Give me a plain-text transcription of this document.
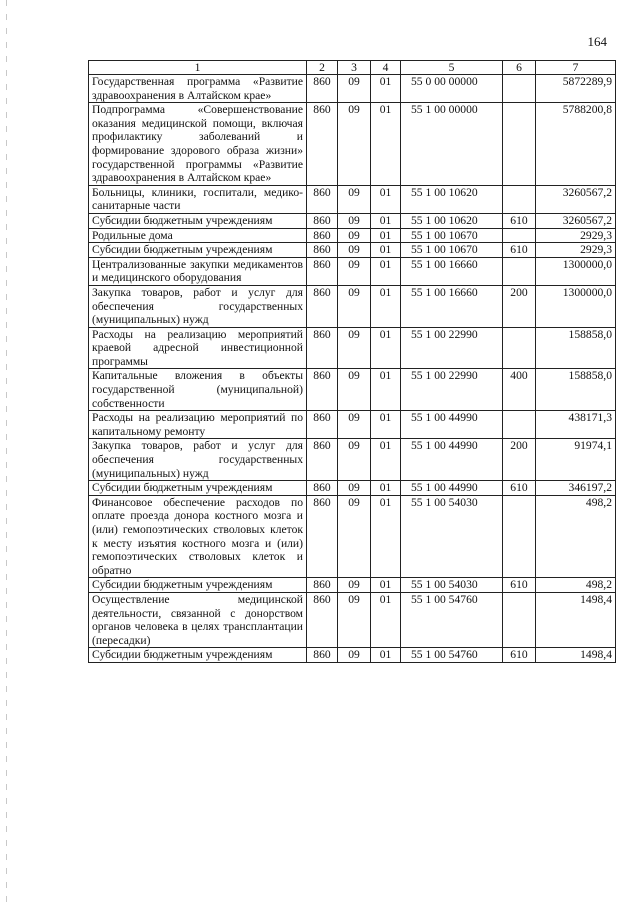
164
1	2	3	4	5	6	7
Государственная программа «Развитие здравоохранения в Алтайском крае»	860	09	01	55 0 00 00000		5872289,9
Подпрограмма «Совершенствование оказания медицинской помощи, включая профилактику заболеваний и формирование здорового образа жизни» государственной программы «Развитие здравоохранения в Алтайском крае»	860	09	01	55 1 00 00000		5788200,8
Больницы, клиники, госпитали, медико-санитарные части	860	09	01	55 1 00 10620		3260567,2
Субсидии бюджетным учреждениям	860	09	01	55 1 00 10620	610	3260567,2
Родильные дома	860	09	01	55 1 00 10670		2929,3
Субсидии бюджетным учреждениям	860	09	01	55 1 00 10670	610	2929,3
Централизованные закупки медикаментов и медицинского оборудования	860	09	01	55 1 00 16660		1300000,0
Закупка товаров, работ и услуг для обеспечения государственных (муниципальных) нужд	860	09	01	55 1 00 16660	200	1300000,0
Расходы на реализацию мероприятий краевой адресной инвестиционной программы	860	09	01	55 1 00 22990		158858,0
Капитальные вложения в объекты государственной (муниципальной) собственности	860	09	01	55 1 00 22990	400	158858,0
Расходы на реализацию мероприятий по капитальному ремонту	860	09	01	55 1 00 44990		438171,3
Закупка товаров, работ и услуг для обеспечения государственных (муниципальных) нужд	860	09	01	55 1 00 44990	200	91974,1
Субсидии бюджетным учреждениям	860	09	01	55 1 00 44990	610	346197,2
Финансовое обеспечение расходов по оплате проезда донора костного мозга и (или) гемопоэтических стволовых клеток к месту изъятия костного мозга и (или) гемопоэтических стволовых клеток и обратно	860	09	01	55 1 00 54030		498,2
Субсидии бюджетным учреждениям	860	09	01	55 1 00 54030	610	498,2
Осуществление медицинской деятельности, связанной с донорством органов человека в целях трансплантации (пересадки)	860	09	01	55 1 00 54760		1498,4
Субсидии бюджетным учреждениям	860	09	01	55 1 00 54760	610	1498,4
